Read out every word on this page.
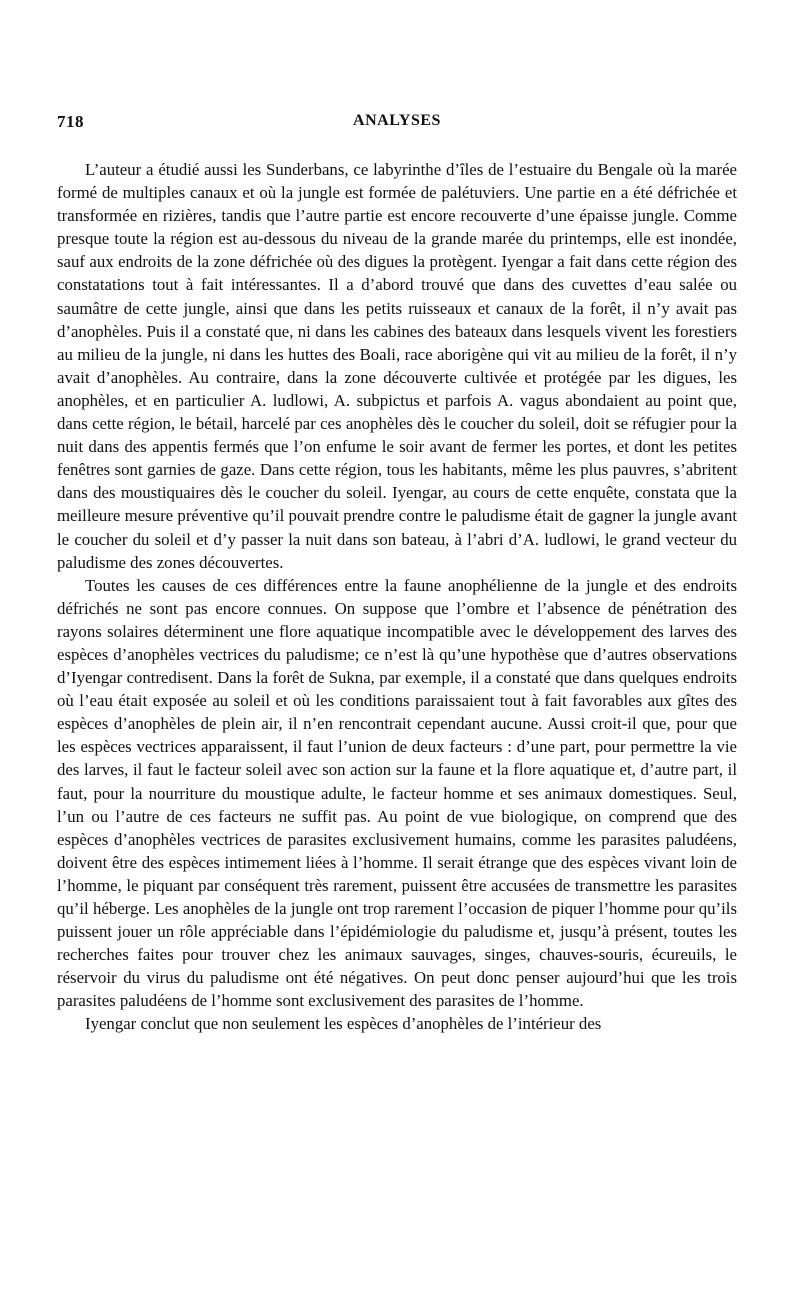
718	ANALYSES

L’auteur a étudié aussi les Sunderbans, ce labyrinthe d’îles de l’estuaire du Bengale où la marée formé de multiples canaux et où la jungle est formée de palétuviers. Une partie en a été défrichée et transformée en rizières, tandis que l’autre partie est encore recouverte d’une épaisse jungle. Comme presque toute la région est au-dessous du niveau de la grande marée du printemps, elle est inondée, sauf aux endroits de la zone défrichée où des digues la protègent. Iyengar a fait dans cette région des constatations tout à fait intéressantes. Il a d’abord trouvé que dans des cuvettes d’eau salée ou saumâtre de cette jungle, ainsi que dans les petits ruisseaux et canaux de la forêt, il n’y avait pas d’anophèles. Puis il a constaté que, ni dans les cabines des bateaux dans lesquels vivent les forestiers au milieu de la jungle, ni dans les huttes des Boali, race aborigène qui vit au milieu de la forêt, il n’y avait d’anophèles. Au contraire, dans la zone découverte cultivée et protégée par les digues, les anophèles, et en particulier A. ludlowi, A. subpictus et parfois A. vagus abondaient au point que, dans cette région, le bétail, harcelé par ces anophèles dès le coucher du soleil, doit se réfugier pour la nuit dans des appentis fermés que l’on enfume le soir avant de fermer les portes, et dont les petites fenêtres sont garnies de gaze. Dans cette région, tous les habitants, même les plus pauvres, s’abritent dans des moustiquaires dès le coucher du soleil. Iyengar, au cours de cette enquête, constata que la meilleure mesure préventive qu’il pouvait prendre contre le paludisme était de gagner la jungle avant le coucher du soleil et d’y passer la nuit dans son bateau, à l’abri d’A. ludlowi, le grand vecteur du paludisme des zones découvertes.

Toutes les causes de ces différences entre la faune anophélienne de la jungle et des endroits défrichés ne sont pas encore connues. On suppose que l’ombre et l’absence de pénétration des rayons solaires déterminent une flore aquatique incompatible avec le développement des larves des espèces d’anophèles vectrices du paludisme; ce n’est là qu’une hypothèse que d’autres observations d’Iyengar contredisent. Dans la forêt de Sukna, par exemple, il a constaté que dans quelques endroits où l’eau était exposée au soleil et où les conditions paraissaient tout à fait favorables aux gîtes des espèces d’anophèles de plein air, il n’en rencontrait cependant aucune. Aussi croit-il que, pour que les espèces vectrices apparaissent, il faut l’union de deux facteurs : d’une part, pour permettre la vie des larves, il faut le facteur soleil avec son action sur la faune et la flore aquatique et, d’autre part, il faut, pour la nourriture du moustique adulte, le facteur homme et ses animaux domestiques. Seul, l’un ou l’autre de ces facteurs ne suffit pas. Au point de vue biologique, on comprend que des espèces d’anophèles vectrices de parasites exclusivement humains, comme les parasites paludéens, doivent être des espèces intimement liées à l’homme. Il serait étrange que des espèces vivant loin de l’homme, le piquant par conséquent très rarement, puissent être accusées de transmettre les parasites qu’il héberge. Les anophèles de la jungle ont trop rarement l’occasion de piquer l’homme pour qu’ils puissent jouer un rôle appréciable dans l’épidémiologie du paludisme et, jusqu’à présent, toutes les recherches faites pour trouver chez les animaux sauvages, singes, chauves-souris, écureuils, le réservoir du virus du paludisme ont été négatives. On peut donc penser aujourd’hui que les trois parasites paludéens de l’homme sont exclusivement des parasites de l’homme.

Iyengar conclut que non seulement les espèces d’anophèles de l’intérieur des
